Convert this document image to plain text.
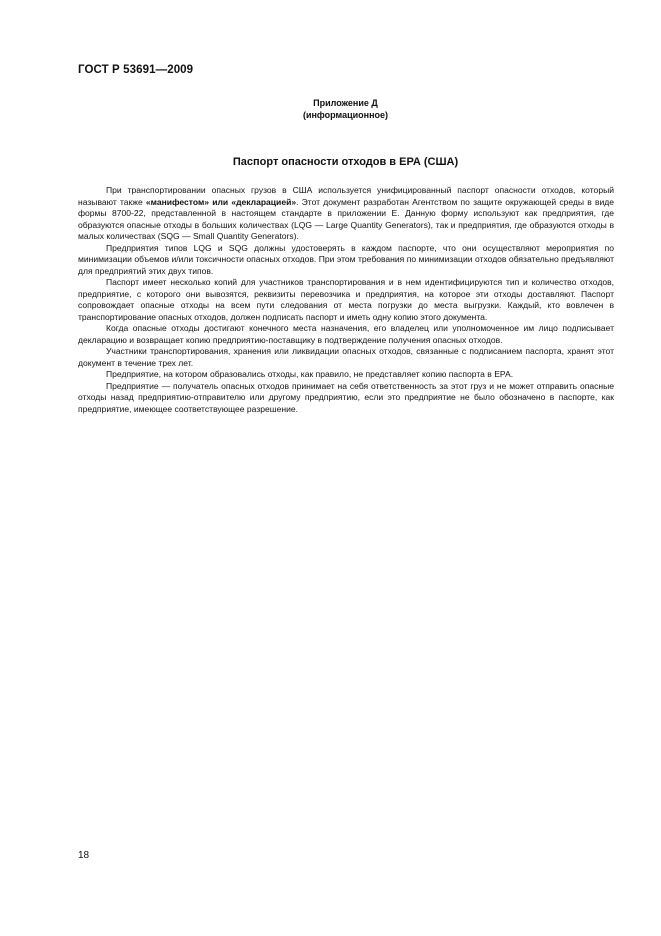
ГОСТ Р 53691—2009
Приложение Д
(информационное)
Паспорт опасности отходов в ЕРА (США)

При транспортировании опасных грузов в США используется унифицированный паспорт опасности отходов, который называют также «манифестом» или «декларацией». Этот документ разработан Агентством по защите окружающей среды в виде формы 8700-22, представленной в настоящем стандарте в приложении Е. Данную форму используют как предприятия, где образуются опасные отходы в больших количествах (LQG — Large Quantity Generators), так и предприятия, где образуются отходы в малых количествах (SQG — Small Quantity Generators).

Предприятия типов LQG и SQG должны удостоверять в каждом паспорте, что они осуществляют мероприятия по минимизации объемов и/или токсичности опасных отходов. При этом требования по минимизации отходов обязательно предъявляют для предприятий этих двух типов.

Паспорт имеет несколько копий для участников транспортирования и в нем идентифицируются тип и количество отходов, предприятие, с которого они вывозятся, реквизиты перевозчика и предприятия, на которое эти отходы доставляют. Паспорт сопровождает опасные отходы на всем пути следования от места погрузки до места выгрузки. Каждый, кто вовлечен в транспортирование опасных отходов, должен подписать паспорт и иметь одну копию этого документа.

Когда опасные отходы достигают конечного места назначения, его владелец или уполномоченное им лицо подписывает декларацию и возвращает копию предприятию-поставщику в подтверждение получения опасных отходов.

Участники транспортирования, хранения или ликвидации опасных отходов, связанные с подписанием паспорта, хранят этот документ в течение трех лет.

Предприятие, на котором образовались отходы, как правило, не представляет копию паспорта в ЕРА.

Предприятие — получатель опасных отходов принимает на себя ответственность за этот груз и не может отправить опасные отходы назад предприятию-отправителю или другому предприятию, если это предприятие не было обозначено в паспорте, как предприятие, имеющее соответствующее разрешение.

18
